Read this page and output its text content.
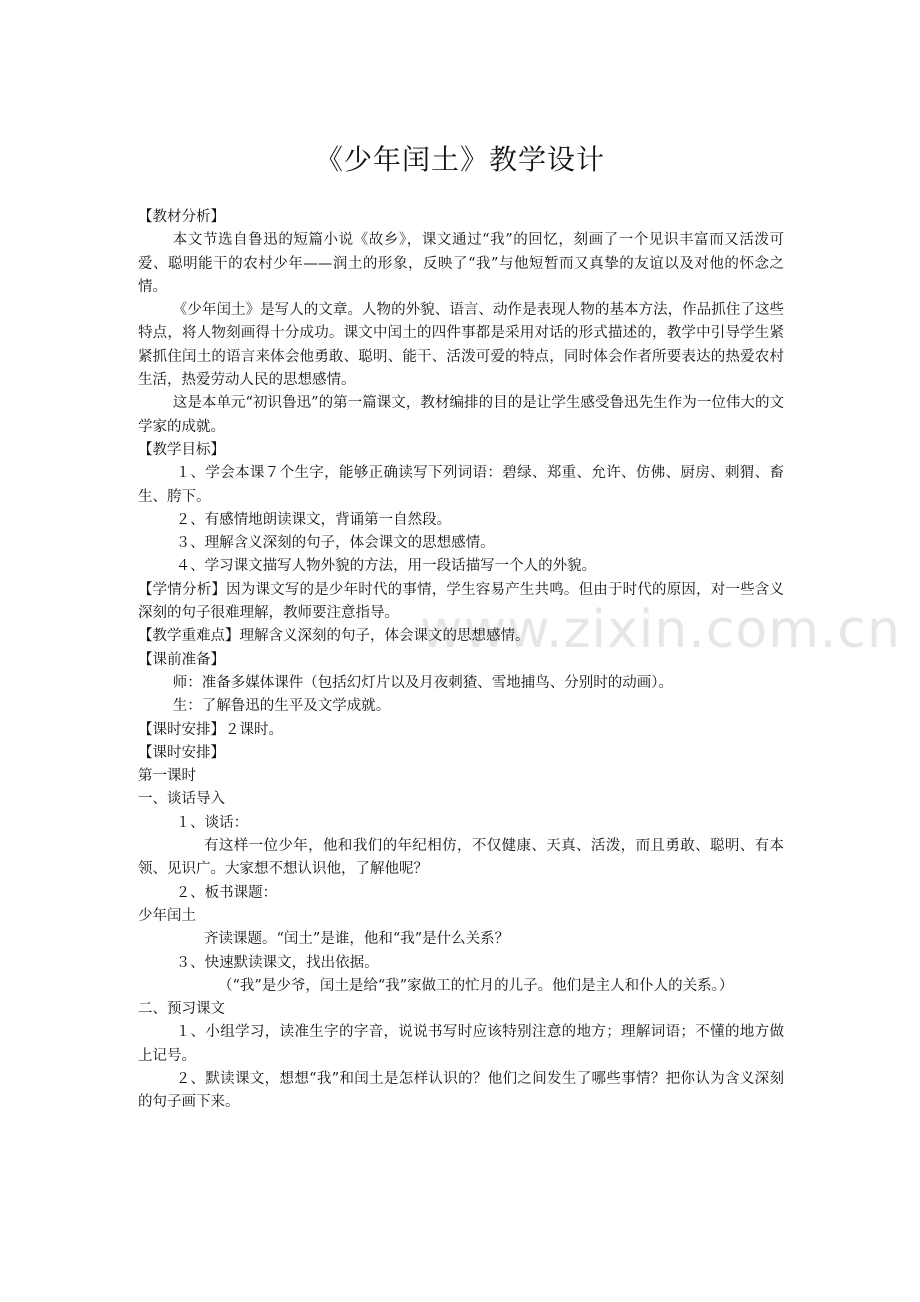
www.zixin.com.cn
《少年闰土》教学设计

【教材分析】

本文节选自鲁迅的短篇小说《故乡》，课文通过“我”的回忆，刻画了一个见识丰富而又活泼可爱、聪明能干的农村少年——润土的形象，反映了“我”与他短暂而又真挚的友谊以及对他的怀念之情。

《少年闰土》是写人的文章。人物的外貌、语言、动作是表现人物的基本方法，作品抓住了这些特点，将人物刻画得十分成功。课文中闰土的四件事都是采用对话的形式描述的，教学中引导学生紧紧抓住闰土的语言来体会他勇敢、聪明、能干、活泼可爱的特点，同时体会作者所要表达的热爱农村生活，热爱劳动人民的思想感情。

这是本单元“初识鲁迅”的第一篇课文，教材编排的目的是让学生感受鲁迅先生作为一位伟大的文学家的成就。

【教学目标】

１、学会本课７个生字，能够正确读写下列词语：碧绿、郑重、允许、仿佛、厨房、刺猬、畜生、胯下。

２、有感情地朗读课文，背诵第一自然段。

３、理解含义深刻的句子，体会课文的思想感情。

４、学习课文描写人物外貌的方法，用一段话描写一个人的外貌。

【学情分析】因为课文写的是少年时代的事情，学生容易产生共鸣。但由于时代的原因，对一些含义深刻的句子很难理解，教师要注意指导。

【教学重难点】理解含义深刻的句子，体会课文的思想感情。

【课前准备】

师：准备多媒体课件（包括幻灯片以及月夜刺猹、雪地捕鸟、分别时的动画）。

生：了解鲁迅的生平及文学成就。

【课时安排】２课时。

【课时安排】

第一课时

一、谈话导入

１、谈话：

有这样一位少年，他和我们的年纪相仿，不仅健康、天真、活泼，而且勇敢、聪明、有本领、见识广。大家想不想认识他，了解他呢？

２、板书课题：

少年闰土

齐读课题。“闰土”是谁，他和“我”是什么关系？

３、快速默读课文，找出依据。

（“我”是少爷，闰土是给“我”家做工的忙月的儿子。他们是主人和仆人的关系。）

二、预习课文

１、小组学习，读准生字的字音，说说书写时应该特别注意的地方；理解词语；不懂的地方做上记号。

２、默读课文，想想“我”和闰土是怎样认识的？他们之间发生了哪些事情？把你认为含义深刻的句子画下来。
